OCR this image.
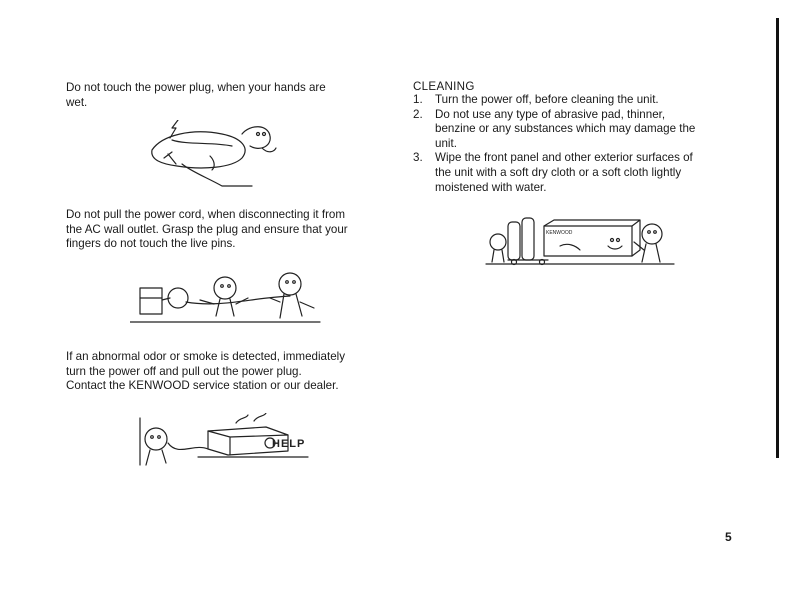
Do not touch the power plug, when your hands are
wet.

Do not pull the power cord, when disconnecting it from
the AC wall outlet. Grasp the plug and ensure that your
fingers do not touch the live pins.

If an abnormal odor or smoke is detected, immediately
turn the power off and pull out the power plug.
Contact the KENWOOD service station or our dealer.

HELP

CLEANING

1. Turn the power off, before cleaning the unit.
2. Do not use any type of abrasive pad, thinner,
benzine or any substances which may damage the
unit.
3. Wipe the front panel and other exterior surfaces of
the unit with a soft dry cloth or a soft cloth lightly
moistened with water.
KENWOOD
5
